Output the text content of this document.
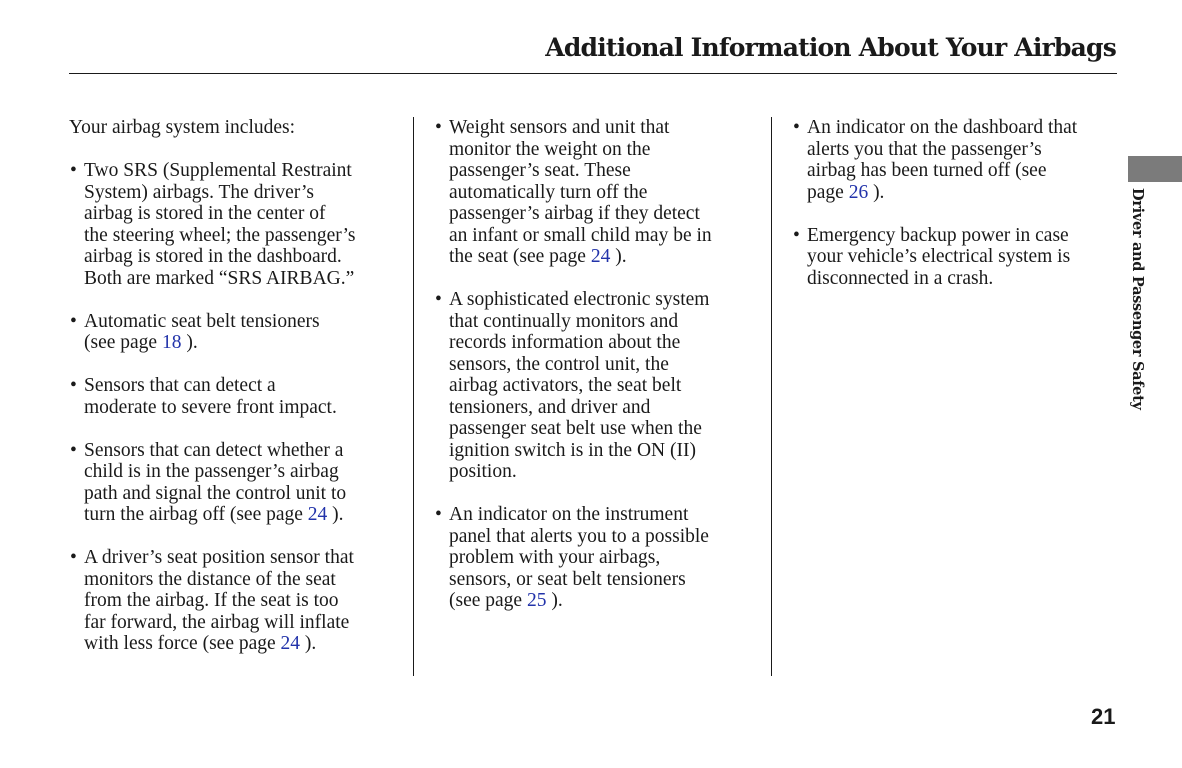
Additional Information About Your Airbags

Your airbag system includes:

• Two SRS (Supplemental Restraint
System) airbags. The driver’s
airbag is stored in the center of
the steering wheel; the passenger’s
airbag is stored in the dashboard.
Both are marked “SRS AIRBAG.”
• Automatic seat belt tensioners
(see page 18 ).
• Sensors that can detect a
moderate to severe front impact.
• Sensors that can detect whether a
child is in the passenger’s airbag
path and signal the control unit to
turn the airbag off (see page 24 ).
• A driver’s seat position sensor that
monitors the distance of the seat
from the airbag. If the seat is too
far forward, the airbag will inflate
with less force (see page 24 ).
• Weight sensors and unit that
monitor the weight on the
passenger’s seat. These
automatically turn off the
passenger’s airbag if they detect
an infant or small child may be in
the seat (see page 24 ).
• A sophisticated electronic system
that continually monitors and
records information about the
sensors, the control unit, the
airbag activators, the seat belt
tensioners, and driver and
passenger seat belt use when the
ignition switch is in the ON (II)
position.
• An indicator on the instrument
panel that alerts you to a possible
problem with your airbags,
sensors, or seat belt tensioners
(see page 25 ).
• An indicator on the dashboard that
alerts you that the passenger’s
airbag has been turned off (see
page 26 ).
• Emergency backup power in case
your vehicle’s electrical system is
disconnected in a crash.	Driver and Passenger Safety
21
